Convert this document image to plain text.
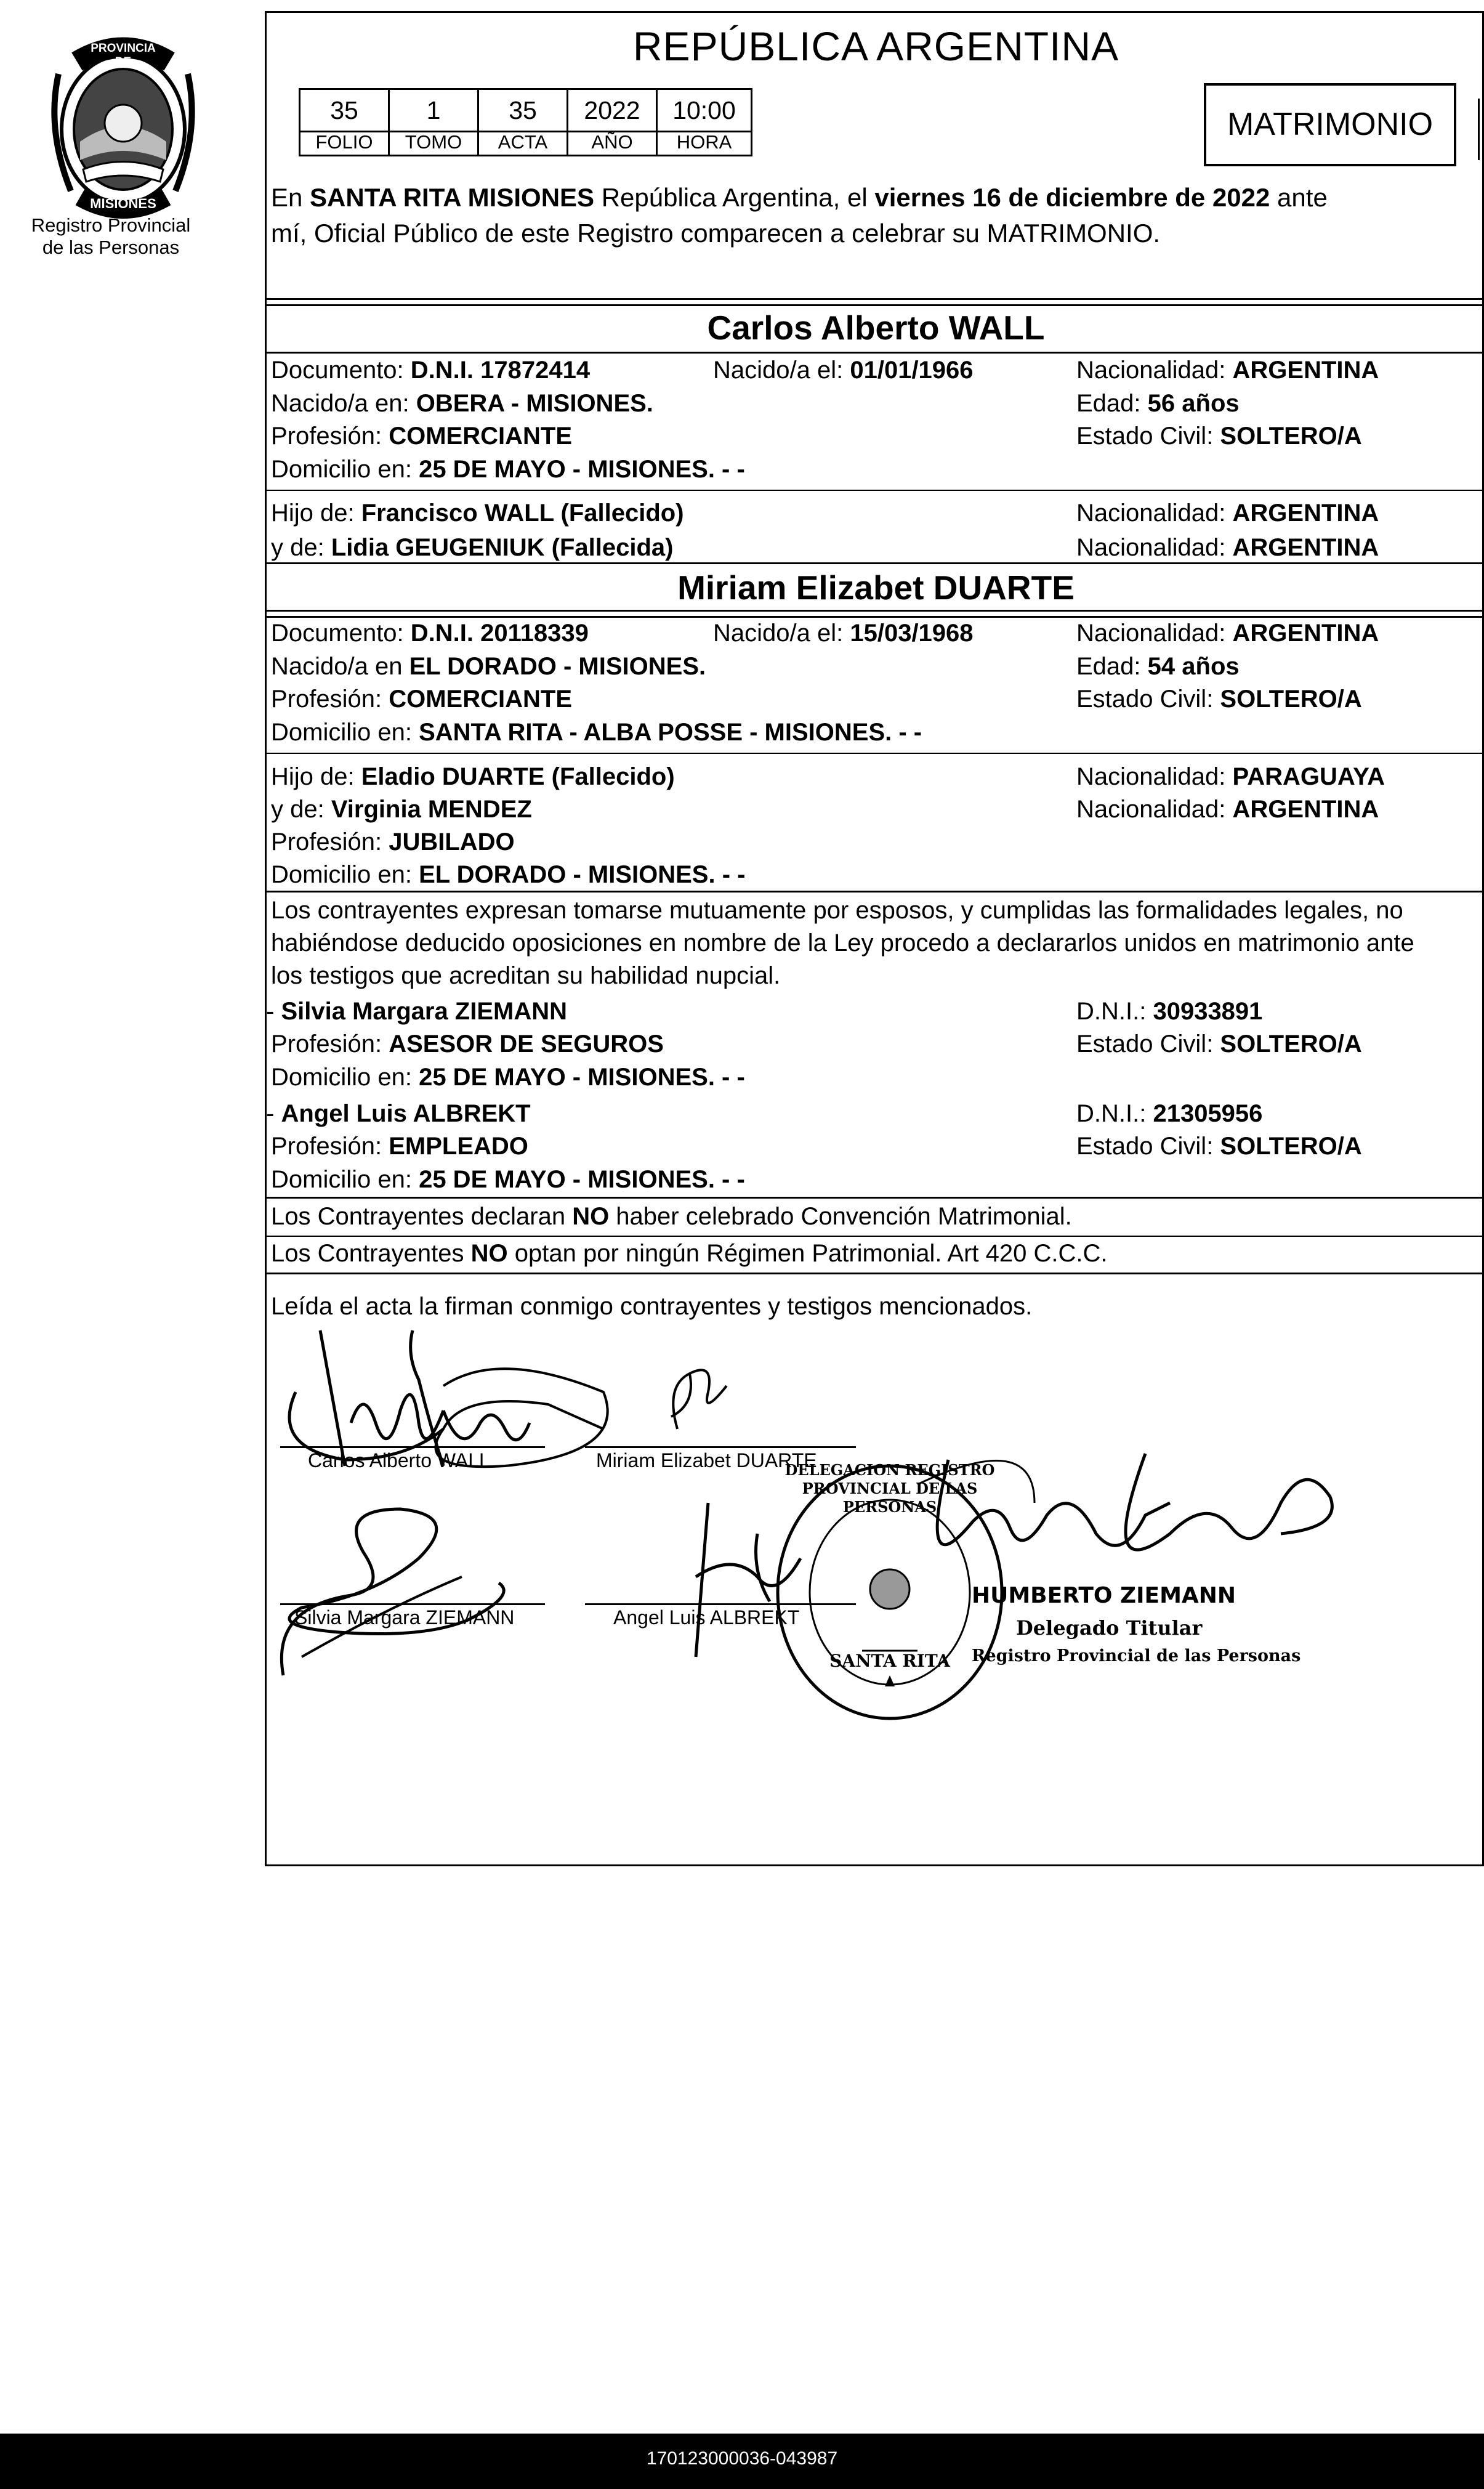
PROVINCIA DE
MISIONES
Registro Provincial
de las Personas
REPÚBLICA ARGENTINA
35	1	35	2022	10:00
FOLIO	TOMO	ACTA	AÑO	HORA	MATRIMONIO
En SANTA RITA MISIONES República Argentina, el viernes 16 de diciembre de 2022 ante
mí, Oficial Público de este Registro comparecen a celebrar su MATRIMONIO.
Carlos Alberto WALL
Documento: D.N.I. 17872414	Nacido/a el: 01/01/1966	Nacionalidad: ARGENTINA
Nacido/a en: OBERA - MISIONES.	Edad: 56 años
Profesión: COMERCIANTE	Estado Civil: SOLTERO/A
Domicilio en: 25 DE MAYO - MISIONES. - -
Hijo de: Francisco WALL (Fallecido)	Nacionalidad: ARGENTINA
y de: Lidia GEUGENIUK (Fallecida)	Nacionalidad: ARGENTINA
Miriam Elizabet DUARTE
Documento: D.N.I. 20118339	Nacido/a el: 15/03/1968	Nacionalidad: ARGENTINA
Nacido/a en EL DORADO - MISIONES.	Edad: 54 años
Profesión: COMERCIANTE	Estado Civil: SOLTERO/A
Domicilio en: SANTA RITA - ALBA POSSE - MISIONES. - -
Hijo de: Eladio DUARTE (Fallecido)	Nacionalidad: PARAGUAYA
y de: Virginia MENDEZ	Nacionalidad: ARGENTINA
Profesión: JUBILADO
Domicilio en: EL DORADO - MISIONES. - -
Los contrayentes expresan tomarse mutuamente por esposos, y cumplidas las formalidades legales, no
habiéndose deducido oposiciones en nombre de la Ley procedo a declararlos unidos en matrimonio ante
los testigos que acreditan su habilidad nupcial.
- Silvia Margara ZIEMANN	D.N.I.: 30933891
Profesión: ASESOR DE SEGUROS	Estado Civil: SOLTERO/A
Domicilio en: 25 DE MAYO - MISIONES. - -
- Angel Luis ALBREKT	D.N.I.: 21305956
Profesión: EMPLEADO	Estado Civil: SOLTERO/A
Domicilio en: 25 DE MAYO - MISIONES. - -
Los Contrayentes declaran NO haber celebrado Convención Matrimonial.
Los Contrayentes NO optan por ningún Régimen Patrimonial. Art 420 C.C.C.
Leída el acta la firman conmigo contrayentes y testigos mencionados.
Carlos Alberto WALL	Miriam Elizabet DUARTE
Silvia Margara ZIEMANN	Angel Luis ALBREKT
DELEGACION REGISTRO PROVINCIAL DE LAS PERSONAS
SANTA RITA
HUMBERTO ZIEMANN
Delegado Titular
Registro Provincial de las Personas
170123000036-043987
